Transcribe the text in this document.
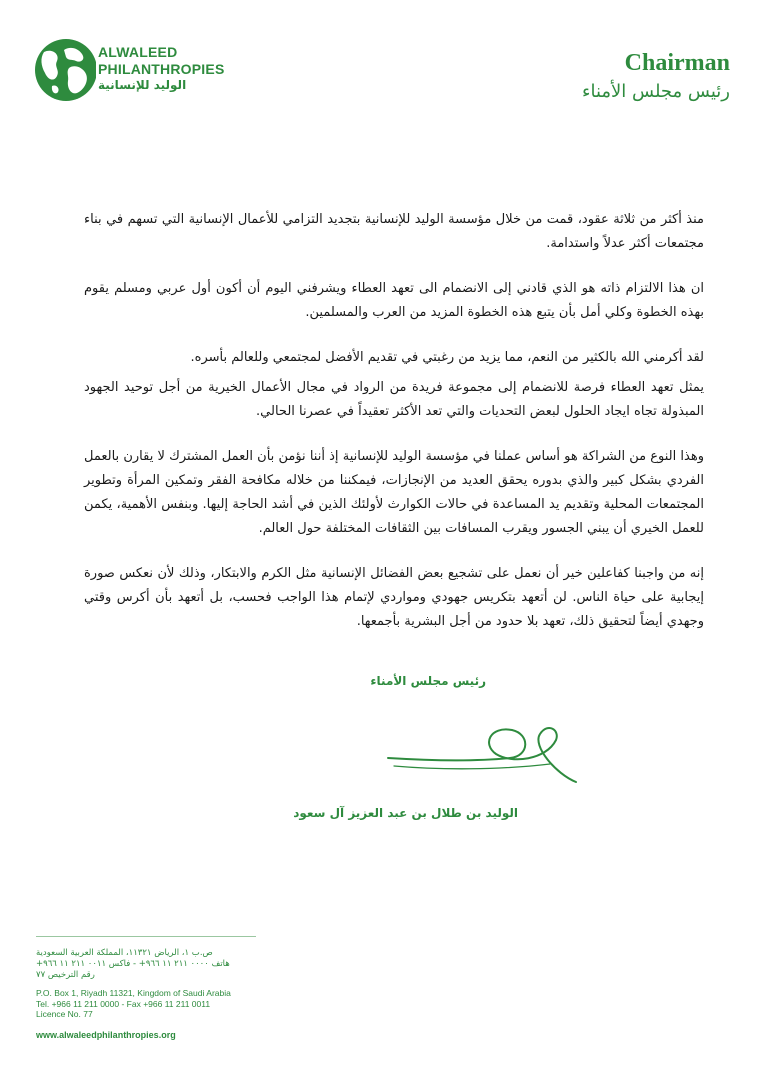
ALWALEED
PHILANTHROPIES
الوليد للإنسانية
Chairman
رئيس مجلس الأمناء

منذ أكثر من ثلاثة عقود، قمت من خلال مؤسسة الوليد للإنسانية بتجديد التزامي للأعمال الإنسانية التي تسهم في بناء مجتمعات أكثر عدلاً واستدامة.

ان هذا الالتزام ذاته هو الذي قادني إلى الانضمام الى تعهد العطاء ويشرفني اليوم أن أكون أول عربي ومسلم يقوم بهذه الخطوة وكلي أمل بأن يتبع هذه الخطوة المزيد من العرب والمسلمين.

لقد أكرمني الله بالكثير من النعم، مما يزيد من رغبتي في تقديم الأفضل لمجتمعي وللعالم بأسره.

يمثل تعهد العطاء فرصة للانضمام إلى مجموعة فريدة من الرواد في مجال الأعمال الخيرية من أجل توحيد الجهود المبذولة تجاه ايجاد الحلول لبعض التحديات والتي تعد الأكثر تعقيداً في عصرنا الحالي.

وهذا النوع من الشراكة هو أساس عملنا في مؤسسة الوليد للإنسانية إذ أننا نؤمن بأن العمل المشترك لا يقارن بالعمل الفردي بشكل كبير والذي بدوره يحقق العديد من الإنجازات، فيمكننا من خلاله مكافحة الفقر وتمكين المرأة وتطوير المجتمعات المحلية وتقديم يد المساعدة في حالات الكوارث لأولئك الذين في أشد الحاجة إليها. وبنفس الأهمية، يكمن للعمل الخيري أن يبني الجسور ويقرب المسافات بين الثقافات المختلفة حول العالم.

إنه من واجبنا كفاعلين خير أن نعمل على تشجيع بعض الفضائل الإنسانية مثل الكرم والابتكار، وذلك لأن نعكس صورة إيجابية على حياة الناس. لن أتعهد بتكريس جهودي ومواردي لإتمام هذا الواجب فحسب، بل أتعهد بأن أكرس وقتي وجهدي أيضاً لتحقيق ذلك، تعهد بلا حدود من أجل البشرية بأجمعها.

رئيس مجلس الأمناء
الوليد بن طلال بن عبد العزيز آل سعود
ص.ب ١، الرياض ١١٣٢١، المملكة العربية السعودية
هاتف ٠٠٠٠ ٢١١ ١١ ٩٦٦+ - فاكس ٠٠١١ ٢١١ ١١ ٩٦٦+
رقم الترخيص ٧٧
P.O. Box 1, Riyadh 11321, Kingdom of Saudi Arabia
Tel. +966 11 211 0000 - Fax +966 11 211 0011
Licence No. 77
www.alwaleedphilanthropies.org
